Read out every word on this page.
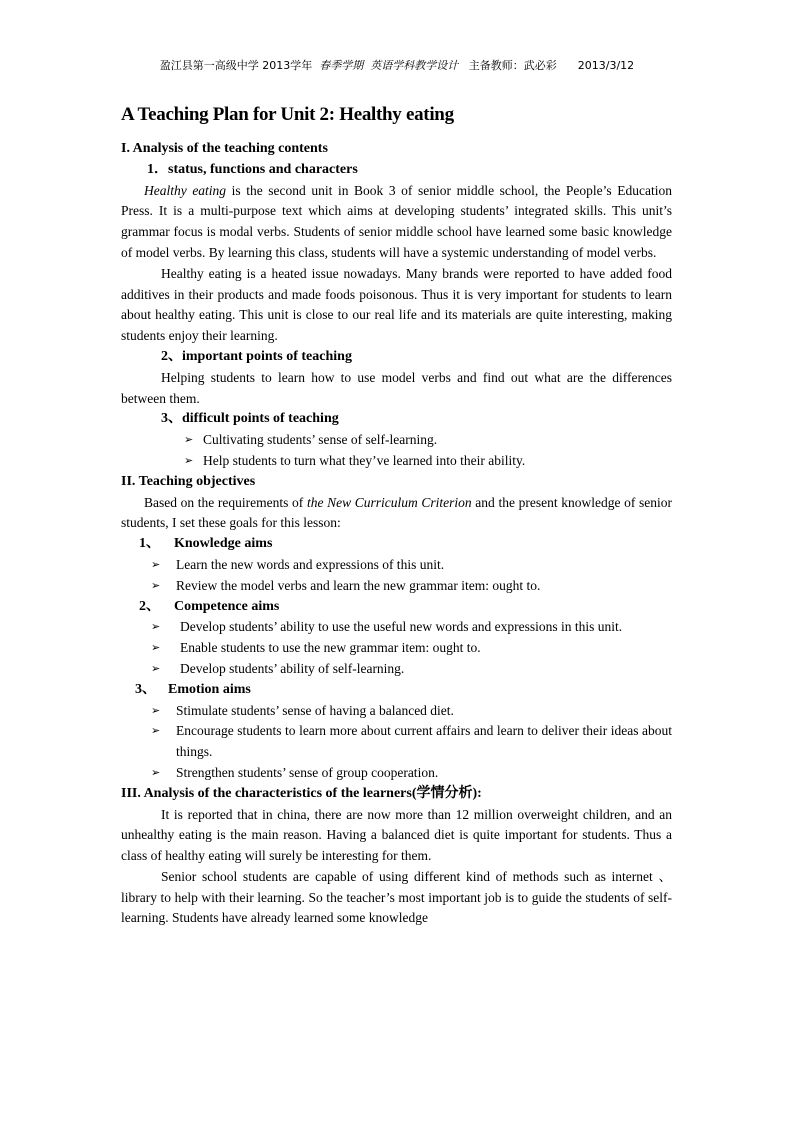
盈江县第一高级中学 2013学年 春季学期 英语学科教学设计 主备教师：武必彩 2013/3/12
A Teaching Plan for Unit 2: Healthy eating
I. Analysis of the teaching contents
1．status, functions and characters

Healthy eating is the second unit in Book 3 of senior middle school, the People’s Education Press. It is a multi-purpose text which aims at developing students’ integrated skills. This unit’s grammar focus is modal verbs. Students of senior middle school have learned some basic knowledge of model verbs. By learning this class, students will have a systemic understanding of model verbs.

Healthy eating is a heated issue nowadays. Many brands were reported to have added food additives in their products and made foods poisonous. Thus it is very important for students to learn about healthy eating. This unit is close to our real life and its materials are quite interesting, making students enjoy their learning.

2、important points of teaching

Helping students to learn how to use model verbs and find out what are the differences between them.

3、difficult points of teaching
➢ Cultivating students’ sense of self-learning.
➢ Help students to turn what they’ve learned into their ability.
II. Teaching objectives

Based on the requirements of the New Curriculum Criterion and the present knowledge of senior students, I set these goals for this lesson:

1、 Knowledge aims
➢ Learn the new words and expressions of this unit.
➢ Review the model verbs and learn the new grammar item: ought to.
2、 Competence aims
➢ Develop students’ ability to use the useful new words and expressions in this unit.
➢ Enable students to use the new grammar item: ought to.
➢ Develop students’ ability of self-learning.
3、 Emotion aims
➢ Stimulate students’ sense of having a balanced diet.
➢ Encourage students to learn more about current affairs and learn to deliver their ideas about things.
➢ Strengthen students’ sense of group cooperation.
III. Analysis of the characteristics of the learners(学情分析):

It is reported that in china, there are now more than 12 million overweight children, and an unhealthy eating is the main reason. Having a balanced diet is quite important for students. Thus a class of healthy eating will surely be interesting for them.

Senior school students are capable of using different kind of methods such as internet 、library to help with their learning. So the teacher’s most important job is to guide the students of self-learning. Students have already learned some knowledge
